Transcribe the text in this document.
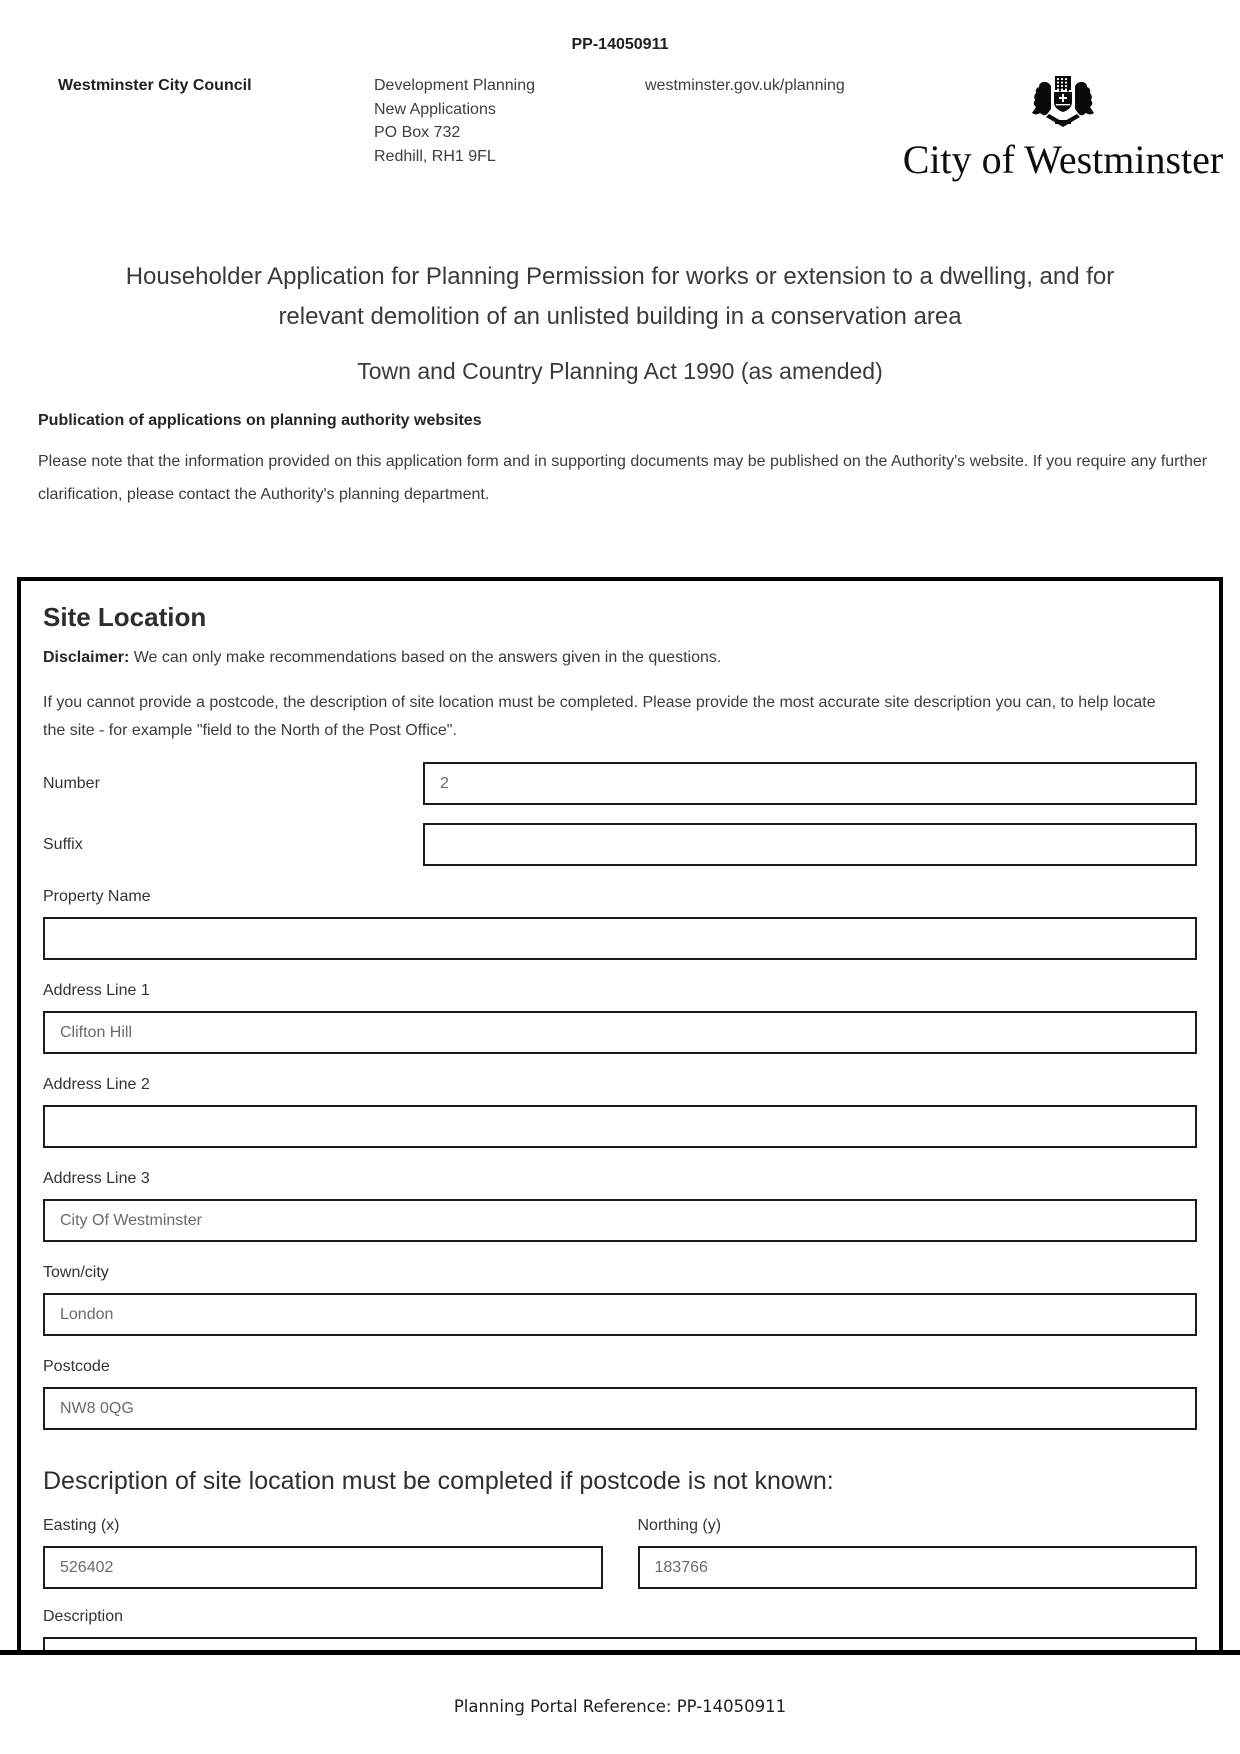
PP-14050911
Westminster City Council	Development Planning
New Applications
PO Box 732
Redhill, RH1 9FL
westminster.gov.uk/planning
City of Westminster
Householder Application for Planning Permission for works or extension to a dwelling, and for
relevant demolition of an unlisted building in a conservation area
Town and Country Planning Act 1990 (as amended)
Publication of applications on planning authority websites
Please note that the information provided on this application form and in supporting documents may be published on the Authority's website. If you require any further clarification, please contact the Authority's planning department.
Site Location
Disclaimer: We can only make recommendations based on the answers given in the questions.
If you cannot provide a postcode, the description of site location must be completed. Please provide the most accurate site description you can, to help locate the site - for example "field to the North of the Post Office".
Number
2
Suffix
Property Name
Address Line 1
Clifton Hill
Address Line 2
Address Line 3
City Of Westminster
Town/city
London
Postcode
NW8 0QG
Description of site location must be completed if postcode is not known:
Easting (x)
526402	Northing (y)
183766
Description
Planning Portal Reference: PP-14050911
